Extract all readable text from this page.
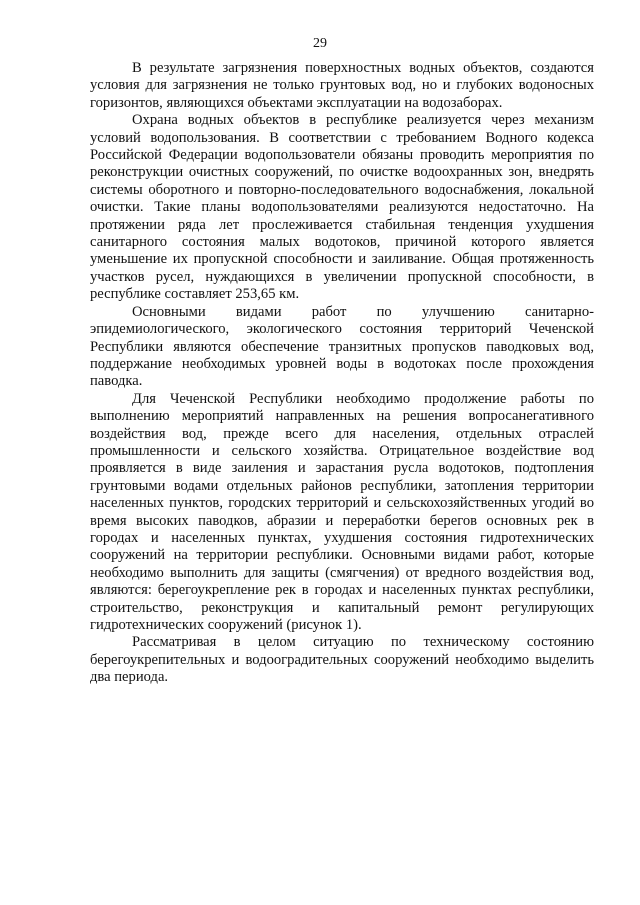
29

В результате загрязнения поверхностных водных объектов, создаются условия для загрязнения не только грунтовых вод, но и глубоких водоносных горизонтов, являющихся объектами эксплуатации на водозаборах.

Охрана водных объектов в республике реализуется через механизм условий водопользования. В соответствии с требованием Водного кодекса Российской Федерации водопользователи обязаны проводить мероприятия по реконструкции очистных сооружений, по очистке водоохранных зон, внедрять системы оборотного и повторно-последовательного водоснабжения, локальной очистки. Такие планы водопользователями реализуются недостаточно. На протяжении ряда лет прослеживается стабильная тенденция ухудшения санитарного состояния малых водотоков, причиной которого является уменьшение их пропускной способности и заиливание. Общая протяженность участков русел, нуждающихся в увеличении пропускной способности, в республике составляет 253,65 км.

Основными видами работ по улучшению санитарно-эпидемиологического, экологического состояния территорий Чеченской Республики являются обеспечение транзитных пропусков паводковых вод, поддержание необходимых уровней воды в водотоках после прохождения паводка.

Для Чеченской Республики необходимо продолжение работы по выполнению мероприятий направленных на решения вопросанегативного воздействия вод, прежде всего для населения, отдельных отраслей промышленности и сельского хозяйства. Отрицательное воздействие вод проявляется в виде заиления и зарастания русла водотоков, подтопления грунтовыми водами отдельных районов республики, затопления территории населенных пунктов, городских территорий и сельскохозяйственных угодий во время высоких паводков, абразии и переработки берегов основных рек в городах и населенных пунктах, ухудшения состояния гидротехнических сооружений на территории республики. Основными видами работ, которые необходимо выполнить для защиты (смягчения) от вредного воздействия вод, являются: берегоукрепление рек в городах и населенных пунктах республики, строительство, реконструкция и капитальный ремонт регулирующих гидротехнических сооружений (рисунок 1).

Рассматривая в целом ситуацию по техническому состоянию берегоукрепительных и водооградительных сооружений необходимо выделить два периода.
